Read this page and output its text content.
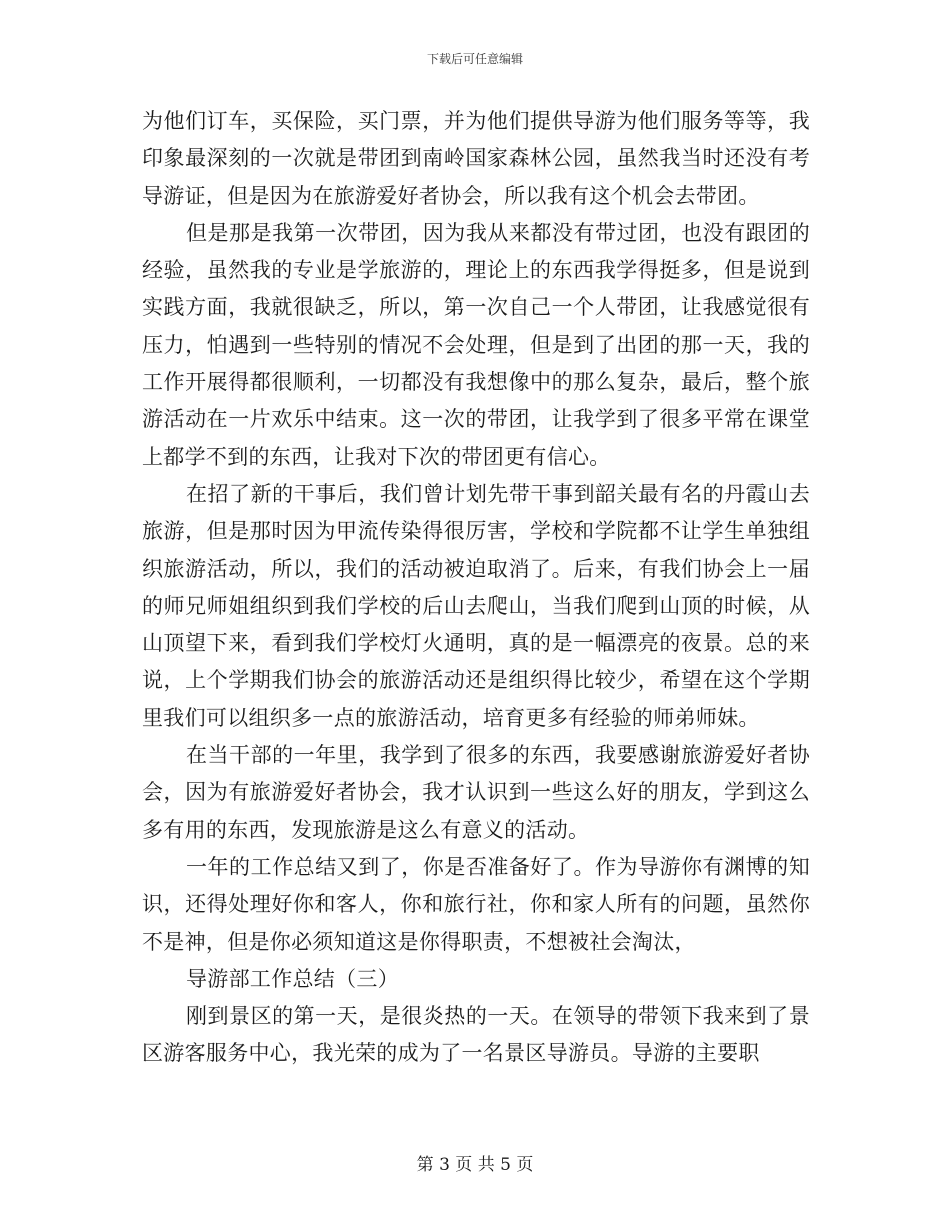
下载后可任意编辑

为他们订车，买保险，买门票，并为他们提供导游为他们服务等等，我印象最深刻的一次就是带团到南岭国家森林公园，虽然我当时还没有考导游证，但是因为在旅游爱好者协会，所以我有这个机会去带团。

但是那是我第一次带团，因为我从来都没有带过团，也没有跟团的经验，虽然我的专业是学旅游的，理论上的东西我学得挺多，但是说到实践方面，我就很缺乏，所以，第一次自己一个人带团，让我感觉很有压力，怕遇到一些特别的情况不会处理，但是到了出团的那一天，我的工作开展得都很顺利，一切都没有我想像中的那么复杂，最后，整个旅游活动在一片欢乐中结束。这一次的带团，让我学到了很多平常在课堂上都学不到的东西，让我对下次的带团更有信心。

在招了新的干事后，我们曾计划先带干事到韶关最有名的丹霞山去旅游，但是那时因为甲流传染得很厉害，学校和学院都不让学生单独组织旅游活动，所以，我们的活动被迫取消了。后来，有我们协会上一届的师兄师姐组织到我们学校的后山去爬山，当我们爬到山顶的时候，从山顶望下来，看到我们学校灯火通明，真的是一幅漂亮的夜景。总的来说，上个学期我们协会的旅游活动还是组织得比较少，希望在这个学期里我们可以组织多一点的旅游活动，培育更多有经验的师弟师妹。

在当干部的一年里，我学到了很多的东西，我要感谢旅游爱好者协会，因为有旅游爱好者协会，我才认识到一些这么好的朋友，学到这么多有用的东西，发现旅游是这么有意义的活动。

一年的工作总结又到了，你是否准备好了。作为导游你有渊博的知识，还得处理好你和客人，你和旅行社，你和家人所有的问题，虽然你不是神，但是你必须知道这是你得职责，不想被社会淘汰，

导游部工作总结（三）

刚到景区的第一天，是很炎热的一天。在领导的带领下我来到了景区游客服务中心，我光荣的成为了一名景区导游员。导游的主要职

第 3 页 共 5 页
